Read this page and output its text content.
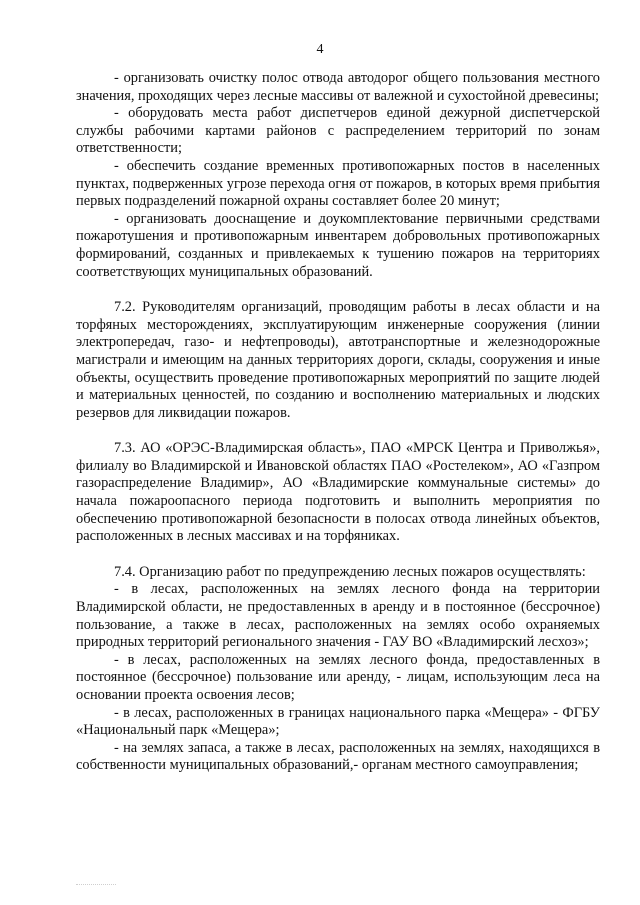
4

- организовать очистку полос отвода автодорог общего пользования местного значения, проходящих через лесные массивы от валежной и сухостойной древесины;

- оборудовать места работ диспетчеров единой дежурной диспетчерской службы рабочими картами районов с распределением территорий по зонам ответственности;

- обеспечить создание временных противопожарных постов в населенных пунктах, подверженных угрозе перехода огня от пожаров, в которых время прибытия первых подразделений пожарной охраны составляет более 20 минут;

- организовать дооснащение и доукомплектование первичными средствами пожаротушения и противопожарным инвентарем добровольных противопожарных формирований, созданных и привлекаемых к тушению пожаров на территориях соответствующих муниципальных образований.

7.2. Руководителям организаций, проводящим работы в лесах области и на торфяных месторождениях, эксплуатирующим инженерные сооружения (линии электропередач, газо- и нефтепроводы), автотранспортные и железнодорожные магистрали и имеющим на данных территориях дороги, склады, сооружения и иные объекты, осуществить проведение противопожарных мероприятий по защите людей и материальных ценностей, по созданию и восполнению материальных и людских резервов для ликвидации пожаров.

7.3. АО «ОРЭС-Владимирская область», ПАО «МРСК Центра и Приволжья», филиалу во Владимирской и Ивановской областях ПАО «Ростелеком», АО «Газпром газораспределение Владимир», АО «Владимирские коммунальные системы» до начала пожароопасного периода подготовить и выполнить мероприятия по обеспечению противопожарной безопасности в полосах отвода линейных объектов, расположенных в лесных массивах и на торфяниках.

7.4. Организацию работ по предупреждению лесных пожаров осуществлять:

- в лесах, расположенных на землях лесного фонда на территории Владимирской области, не предоставленных в аренду и в постоянное (бессрочное) пользование, а также в лесах, расположенных на землях особо охраняемых природных территорий регионального значения - ГАУ ВО «Владимирский лесхоз»;

- в лесах, расположенных на землях лесного фонда, предоставленных в постоянное (бессрочное) пользование или аренду, - лицам, использующим леса на основании проекта освоения лесов;

- в лесах, расположенных в границах национального парка «Мещера» - ФГБУ «Национальный парк «Мещера»;

- на землях запаса, а также в лесах, расположенных на землях, находящихся в собственности муниципальных образований,- органам местного самоуправления;
